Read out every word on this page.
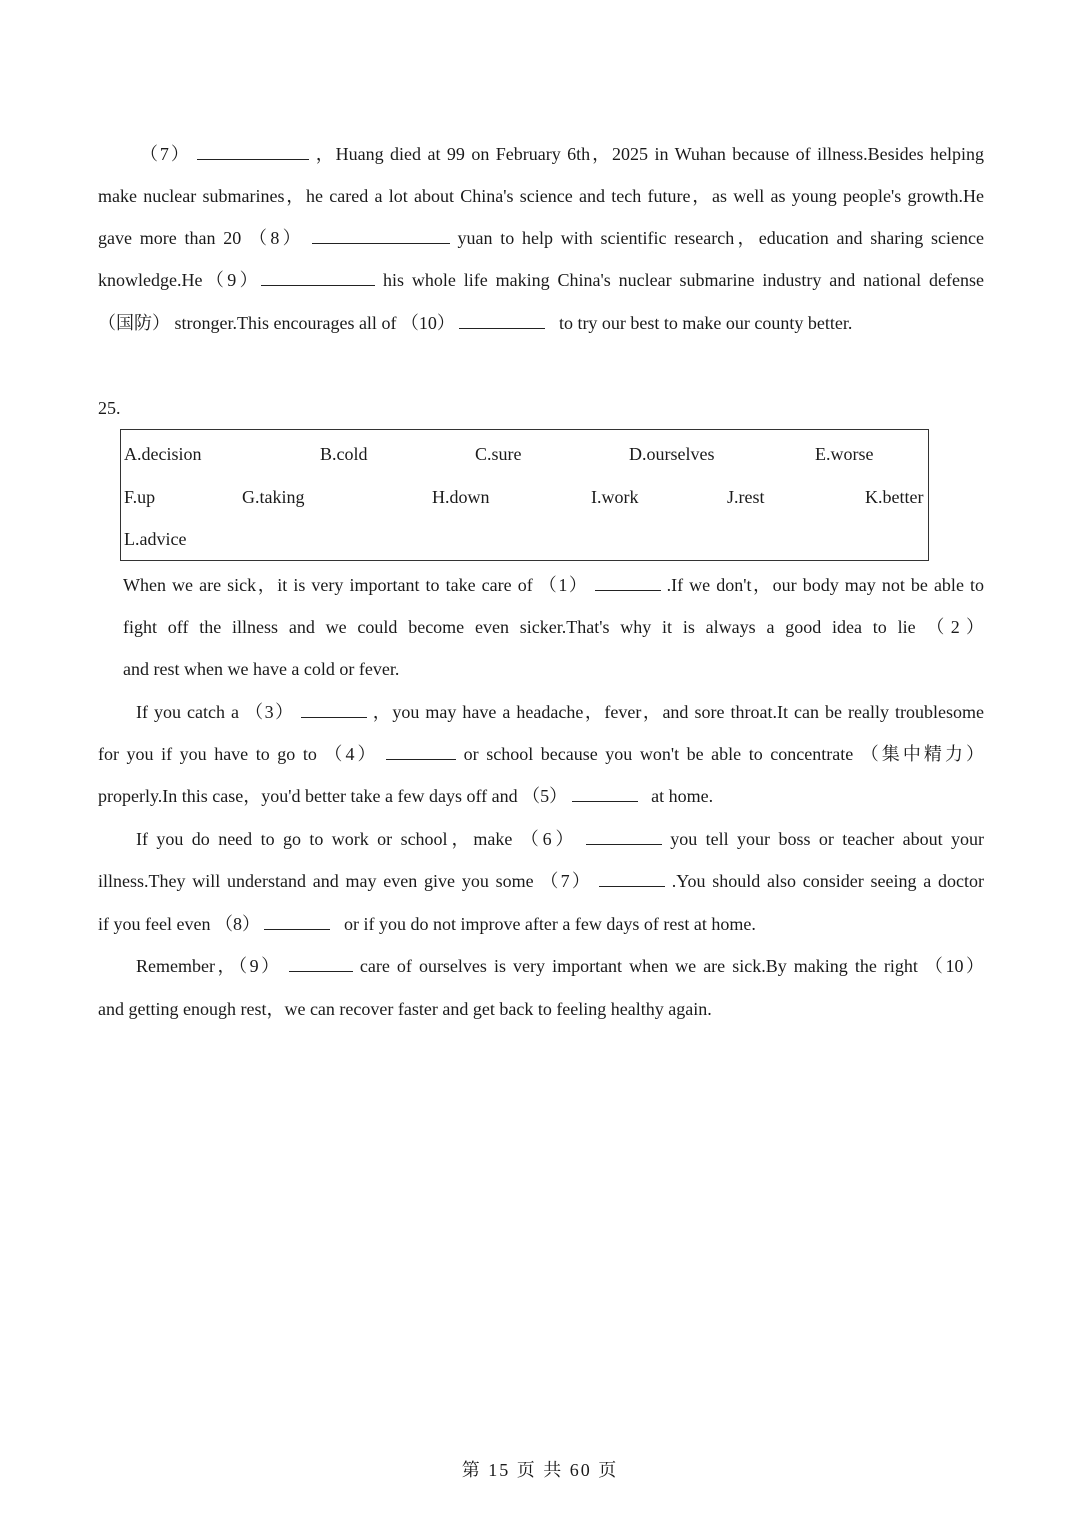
（7）	，Huang died at 99 on February 6th，2025 in Wuhan because of illness.Besides helping
make nuclear submarines，he cared a lot about China's science and tech future，as well as young people's growth.He
gave more than 20 （8）	yuan to help with scientific research，education and sharing science
knowledge.He（9）	his whole life making China's nuclear submarine industry and national defense
（国防） stronger.This encourages all of （10）	to try our best to make our county better.
25.
A.decision	B.cold	C.sure	D.ourselves	E.worse
F.up	G.taking	H.down	I.work	J.rest	K.better
L.advice
When we are sick，it is very important to take care of （1）	.If we don't，our body may not be able to
fight off the illness and we could become even sicker.That's why it is always a good idea to lie （2）
and rest when we have a cold or fever.
If you catch a （3）	，you may have a headache，fever，and sore throat.It can be really troublesome
for you if you have to go to （4）	or school because you won't be able to concentrate （集中精力）
properly.In this case，you'd better take a few days off and （5）	at home.
If you do need to go to work or school，make （6）	you tell your boss or teacher about your
illness.They will understand and may even give you some （7）	.You should also consider seeing a doctor
if you feel even （8）	or if you do not improve after a few days of rest at home.
Remember，（9）	care of ourselves is very important when we are sick.By making the right （10）
and getting enough rest，we can recover faster and get back to feeling healthy again.
第 15 页 共 60 页
